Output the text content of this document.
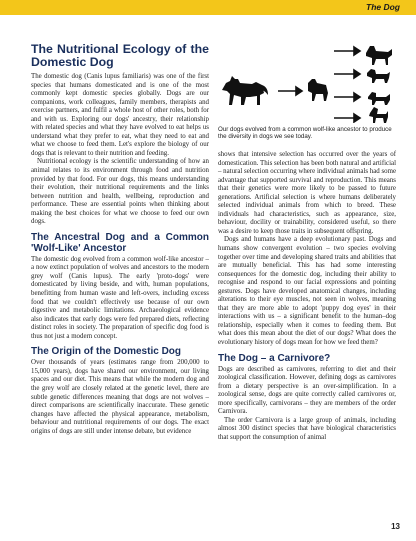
The Dog
The Nutritional Ecology of the Domestic Dog

The domestic dog (Canis lupus familiaris) was one of the first species that humans domesticated and is one of the most commonly kept domestic species globally. Dogs are our companions, work colleagues, family members, therapists and exercise partners, and fulfil a whole host of other roles, both for and with us. Exploring our dogs' ancestry, their relationship with related species and what they have evolved to eat helps us understand what they prefer to eat, what they need to eat and what we choose to feed them. Let's explore the biology of our dogs that is relevant to their nutrition and feeding.

Nutritional ecology is the scientific understanding of how an animal relates to its environment through food and nutrition provided by that food. For our dogs, this means understanding their evolution, their nutritional requirements and the links between nutrition and health, wellbeing, reproduction and performance. These are essential points when thinking about making the best choices for what we choose to feed our own dogs.

The Ancestral Dog and a Common 'Wolf-Like' Ancestor

The domestic dog evolved from a common wolf-like ancestor – a now extinct population of wolves and ancestors to the modern grey wolf (Canis lupus). The early 'proto-dogs' were domesticated by living beside, and with, human populations, benefitting from human waste and left-overs, including excess food that we couldn't effectively use because of our own digestive and metabolic limitations. Archaeological evidence also indicates that early dogs were fed prepared diets, reflecting distinct roles in society. The preparation of specific dog food is thus not just a modern concept.

The Origin of the Domestic Dog

Over thousands of years (estimates range from 200,000 to 15,000 years), dogs have shared our environment, our living spaces and our diet. This means that while the modern dog and the grey wolf are closely related at the genetic level, there are subtle genetic differences meaning that dogs are not wolves – direct comparisons are scientifically inaccurate. These genetic changes have affected the physical appearance, metabolism, behaviour and nutritional requirements of our dogs. The exact origins of dogs are still under intense debate, but evidence

Our dogs evolved from a common wolf-like ancestor to produce the diversity in dogs we see today.

shows that intensive selection has occurred over the years of domestication. This selection has been both natural and artificial – natural selection occurring where individual animals had some advantage that supported survival and reproduction. This means that their genetics were more likely to be passed to future generations. Artificial selection is where humans deliberately selected individual animals from which to breed. These individuals had characteristics, such as appearance, size, behaviour, docility or trainability, considered useful, so there was a desire to keep those traits in subsequent offspring.

Dogs and humans have a deep evolutionary past. Dogs and humans show convergent evolution – two species evolving together over time and developing shared traits and abilities that are mutually beneficial. This has had some interesting consequences for the domestic dog, including their ability to recognise and respond to our facial expressions and pointing gestures. Dogs have developed anatomical changes, including alterations to their eye muscles, not seen in wolves, meaning that they are more able to adopt 'puppy dog eyes' in their interactions with us – a significant benefit to the human–dog relationship, especially when it comes to feeding them. But what does this mean about the diet of our dogs? What does the evolutionary history of dogs mean for how we feed them?

The Dog – a Carnivore?

Dogs are described as carnivores, referring to diet and their zoological classification. However, defining dogs as carnivores from a dietary perspective is an over-simplification. In a zoological sense, dogs are quite correctly called carnivores or, more specifically, carnivorans – they are members of the order Carnivora.

The order Carnivora is a large group of animals, including almost 300 distinct species that have biological characteristics that support the consumption of animal

13
